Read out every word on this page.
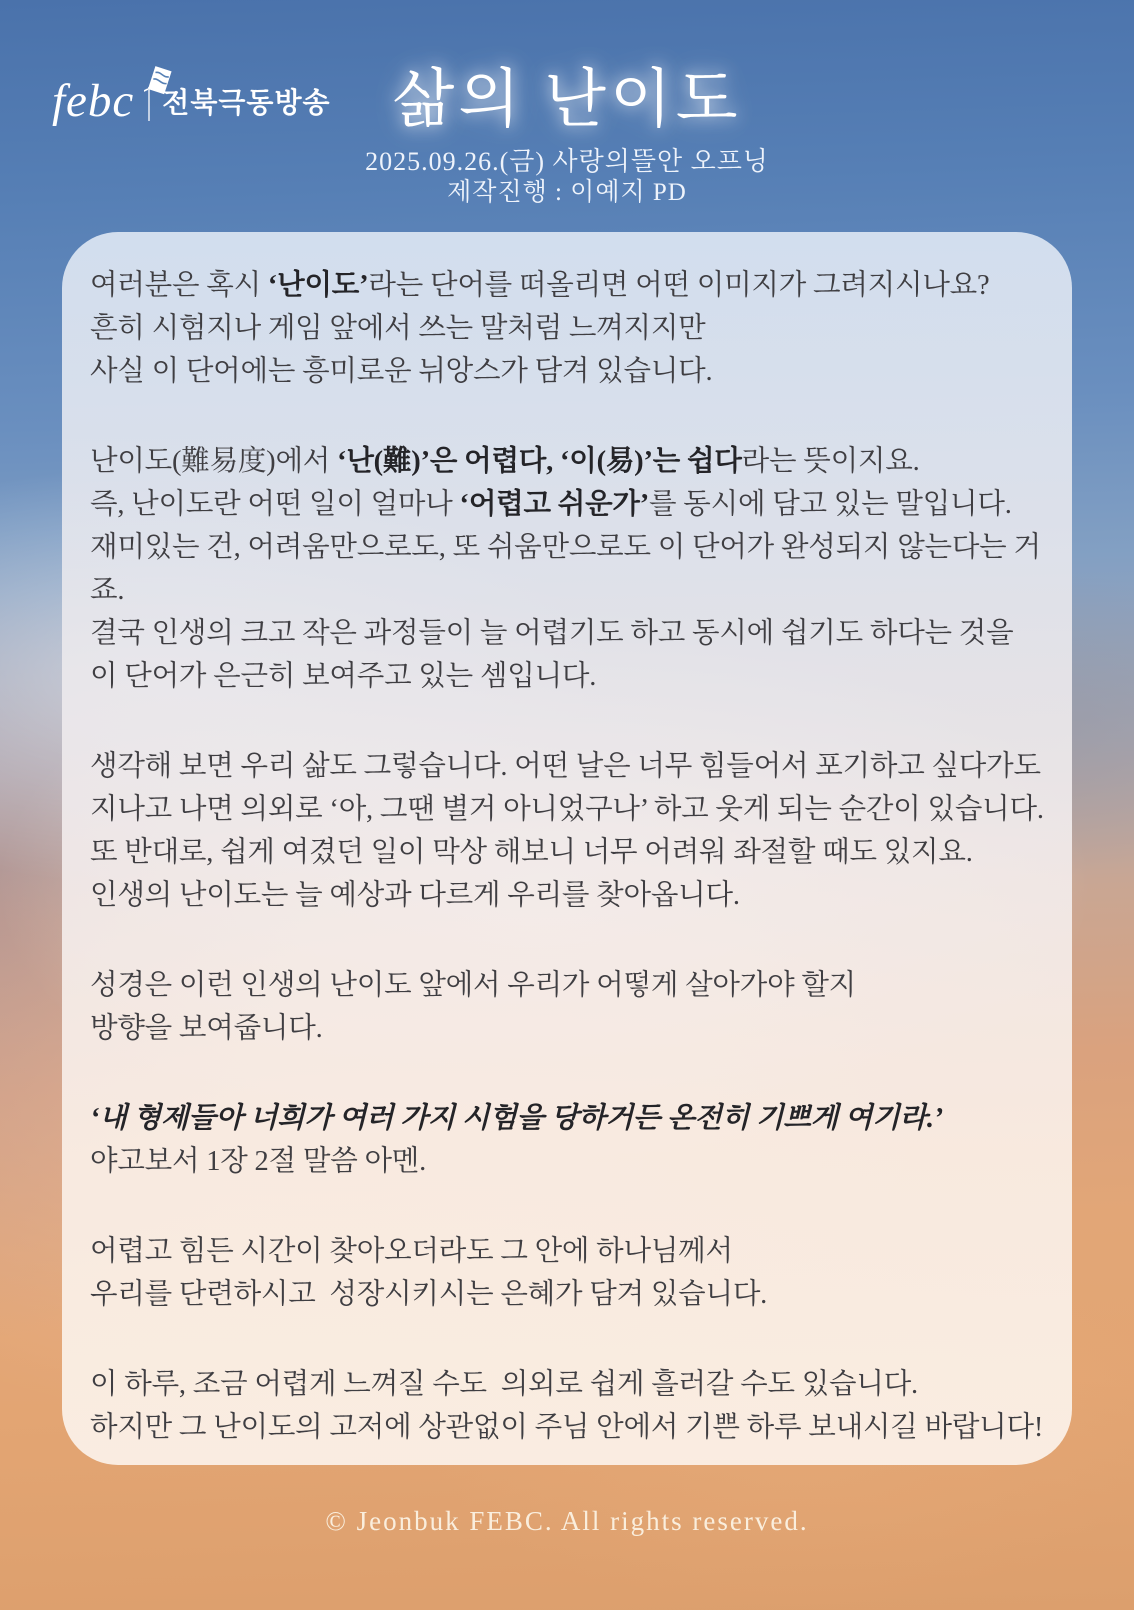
febc 전북극동방송 삶의 난이도
2025.09.26.(금) 사랑의뜰안 오프닝
제작진행 : 이예지 PD
여러분은 혹시 ‘난이도’라는 단어를 떠올리면 어떤 이미지가 그려지시나요?
흔히 시험지나 게임 앞에서 쓰는 말처럼 느껴지지만
사실 이 단어에는 흥미로운 뉘앙스가 담겨 있습니다.
난이도(難易度)에서 ‘난(難)’은 어렵다, ‘이(易)’는 쉽다라는 뜻이지요.
즉, 난이도란 어떤 일이 얼마나 ‘어렵고 쉬운가’를 동시에 담고 있는 말입니다.
재미있는 건, 어려움만으로도, 또 쉬움만으로도 이 단어가 완성되지 않는다는 거죠.
결국 인생의 크고 작은 과정들이 늘 어렵기도 하고 동시에 쉽기도 하다는 것을
이 단어가 은근히 보여주고 있는 셈입니다.
생각해 보면 우리 삶도 그렇습니다. 어떤 날은 너무 힘들어서 포기하고 싶다가도
지나고 나면 의외로 ‘아, 그땐 별거 아니었구나’ 하고 웃게 되는 순간이 있습니다.
또 반대로, 쉽게 여겼던 일이 막상 해보니 너무 어려워 좌절할 때도 있지요.
인생의 난이도는 늘 예상과 다르게 우리를 찾아옵니다.
성경은 이런 인생의 난이도 앞에서 우리가 어떻게 살아가야 할지
방향을 보여줍니다.
‘내 형제들아 너희가 여러 가지 시험을 당하거든 온전히 기쁘게 여기라.’
야고보서 1장 2절 말씀 아멘.
어렵고 힘든 시간이 찾아오더라도 그 안에 하나님께서
우리를 단련하시고  성장시키시는 은혜가 담겨 있습니다.
이 하루, 조금 어렵게 느껴질 수도  의외로 쉽게 흘러갈 수도 있습니다.
하지만 그 난이도의 고저에 상관없이 주님 안에서 기쁜 하루 보내시길 바랍니다!
© Jeonbuk FEBC. All rights reserved.
